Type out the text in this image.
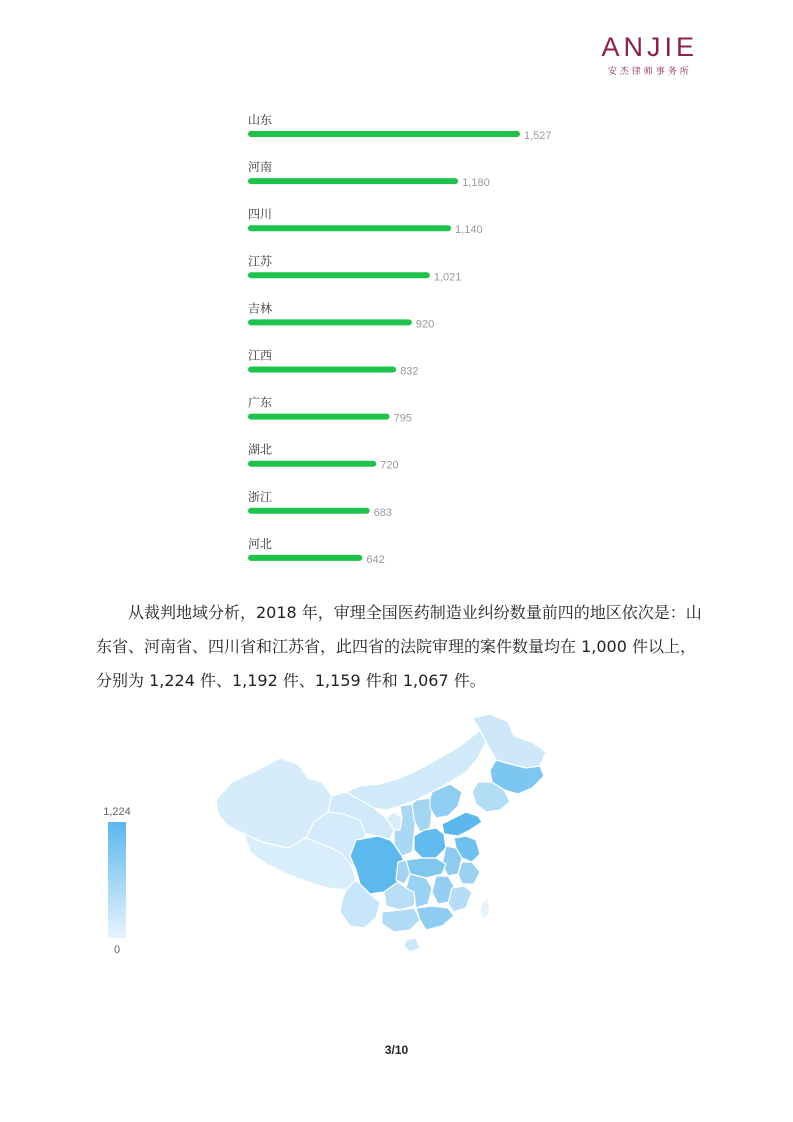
ANJIE
安杰律师事务所
山东
1,527
河南
1,180
四川
1,140
江苏
1,021
吉林
920
江西
832
广东
795
湖北
720
浙江
683
河北
642
从裁判地域分析，2018 年，审理全国医药制造业纠纷数量前四的地区依次是：山
东省、河南省、四川省和江苏省，此四省的法院审理的案件数量均在 1,000 件以上，
分别为 1,224 件、1,192 件、1,159 件和 1,067 件。
1,224
0
3/10
